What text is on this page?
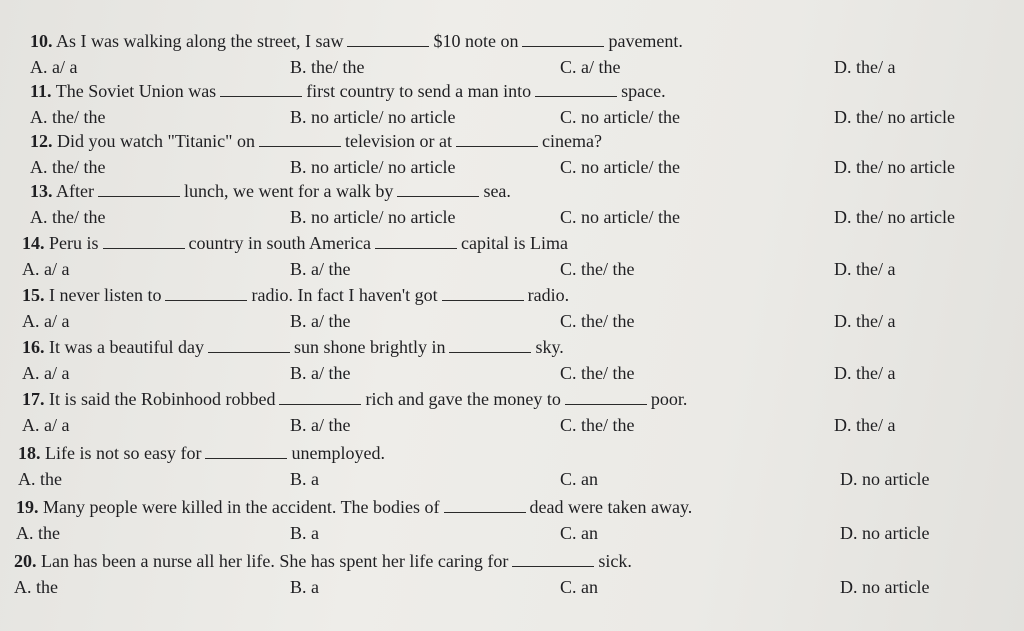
10. As I was walking along the street, I saw	$10 note on	pavement.
A. a/ a	B. the/ the	C. a/ the	D. the/ a
11. The Soviet Union was	first country to send a man into	space.
A. the/ the	B. no article/ no article	C. no article/ the	D. the/ no article
12. Did you watch "Titanic" on	television or at	cinema?
A. the/ the	B. no article/ no article	C. no article/ the	D. the/ no article
13. After	lunch, we went for a walk by	sea.
A. the/ the	B. no article/ no article	C. no article/ the	D. the/ no article
14. Peru is	country in south America	capital is Lima
A. a/ a	B. a/ the	C. the/ the	D. the/ a
15. I never listen to	radio. In fact I haven't got	radio.
A. a/ a	B. a/ the	C. the/ the	D. the/ a
16. It was a beautiful day	sun shone brightly in	sky.
A. a/ a	B. a/ the	C. the/ the	D. the/ a
17. It is said the Robinhood robbed	rich and gave the money to	poor.
A. a/ a	B. a/ the	C. the/ the	D. the/ a
18. Life is not so easy for	unemployed.
A. the	B. a	C. an	D. no article
19. Many people were killed in the accident. The bodies of	dead were taken away.
A. the	B. a	C. an	D. no article
20. Lan has been a nurse all her life. She has spent her life caring for	sick.
A. the	B. a	C. an	D. no article
